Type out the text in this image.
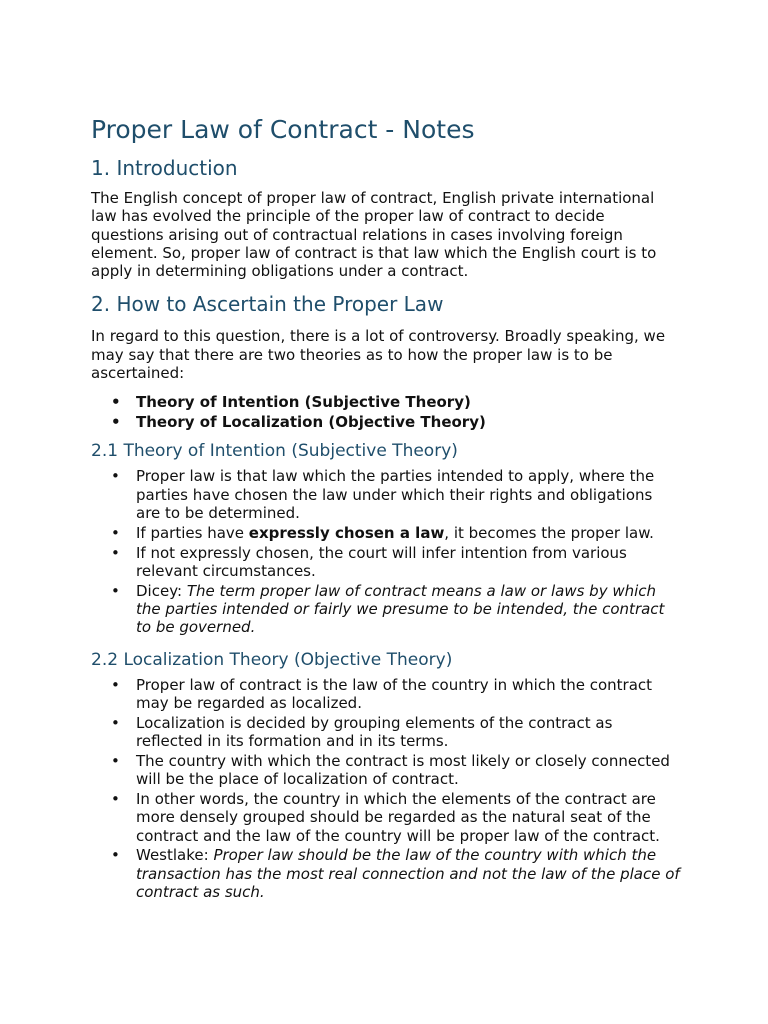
Proper Law of Contract - Notes
1. Introduction

The English concept of proper law of contract, English private international law has evolved the principle of the proper law of contract to decide questions arising out of contractual relations in cases involving foreign element. So, proper law of contract is that law which the English court is to apply in determining obligations under a contract.

2. How to Ascertain the Proper Law

In regard to this question, there is a lot of controversy. Broadly speaking, we may say that there are two theories as to how the proper law is to be ascertained:

• Theory of Intention (Subjective Theory)
• Theory of Localization (Objective Theory)
2.1 Theory of Intention (Subjective Theory)
• Proper law is that law which the parties intended to apply, where the parties have chosen the law under which their rights and obligations are to be determined.
• If parties have expressly chosen a law, it becomes the proper law.
• If not expressly chosen, the court will infer intention from various relevant circumstances.
• Dicey: The term proper law of contract means a law or laws by which the parties intended or fairly we presume to be intended, the contract to be governed.
2.2 Localization Theory (Objective Theory)
• Proper law of contract is the law of the country in which the contract may be regarded as localized.
• Localization is decided by grouping elements of the contract as reflected in its formation and in its terms.
• The country with which the contract is most likely or closely connected will be the place of localization of contract.
• In other words, the country in which the elements of the contract are more densely grouped should be regarded as the natural seat of the contract and the law of the country will be proper law of the contract.
• Westlake: Proper law should be the law of the country with which the transaction has the most real connection and not the law of the place of contract as such.
